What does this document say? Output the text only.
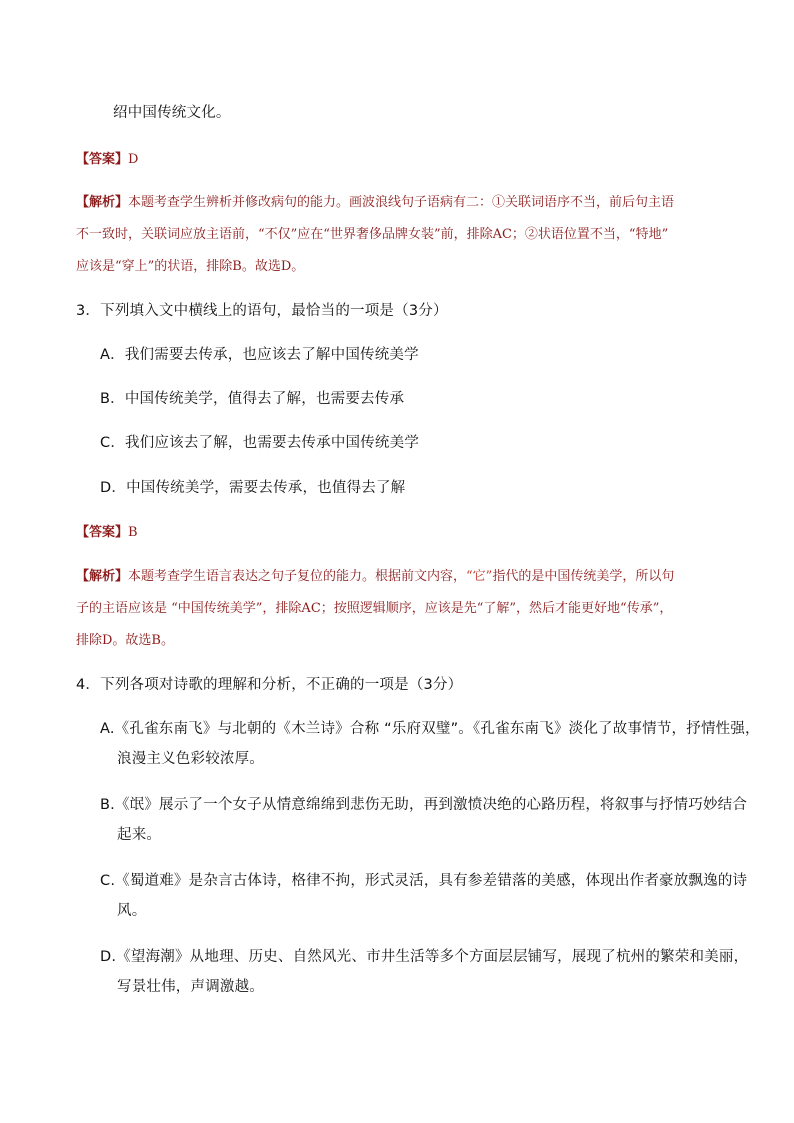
绍中国传统文化。
【答案】D
【解析】本题考查学生辨析并修改病句的能力。画波浪线句子语病有二：①关联词语序不当，前后句主语
不一致时，关联词应放主语前，“不仅”应在“世界奢侈品牌女装”前，排除AC；②状语位置不当，“特地”
应该是“穿上”的状语，排除B。故选D。
3．下列填入文中横线上的语句，最恰当的一项是（3分）
A．我们需要去传承，也应该去了解中国传统美学
B．中国传统美学，值得去了解，也需要去传承
C．我们应该去了解，也需要去传承中国传统美学
D．中国传统美学，需要去传承，也值得去了解
【答案】B
【解析】本题考查学生语言表达之句子复位的能力。根据前文内容，“它”指代的是中国传统美学，所以句
子的主语应该是 “中国传统美学”，排除AC；按照逻辑顺序，应该是先“了解”，然后才能更好地“传承”，
排除D。故选B。
4．下列各项对诗歌的理解和分析，不正确的一项是（3分）
A.《孔雀东南飞》与北朝的《木兰诗》合称 “乐府双璧”。《孔雀东南飞》淡化了故事情节，抒情性强，
浪漫主义色彩较浓厚。
B.《氓》展示了一个女子从情意绵绵到悲伤无助，再到激愤决绝的心路历程，将叙事与抒情巧妙结合
起来。
C.《蜀道难》是杂言古体诗，格律不拘，形式灵活，具有参差错落的美感，体现出作者豪放飘逸的诗
风。
D.《望海潮》从地理、历史、自然风光、市井生活等多个方面层层铺写，展现了杭州的繁荣和美丽，
写景壮伟，声调激越。
